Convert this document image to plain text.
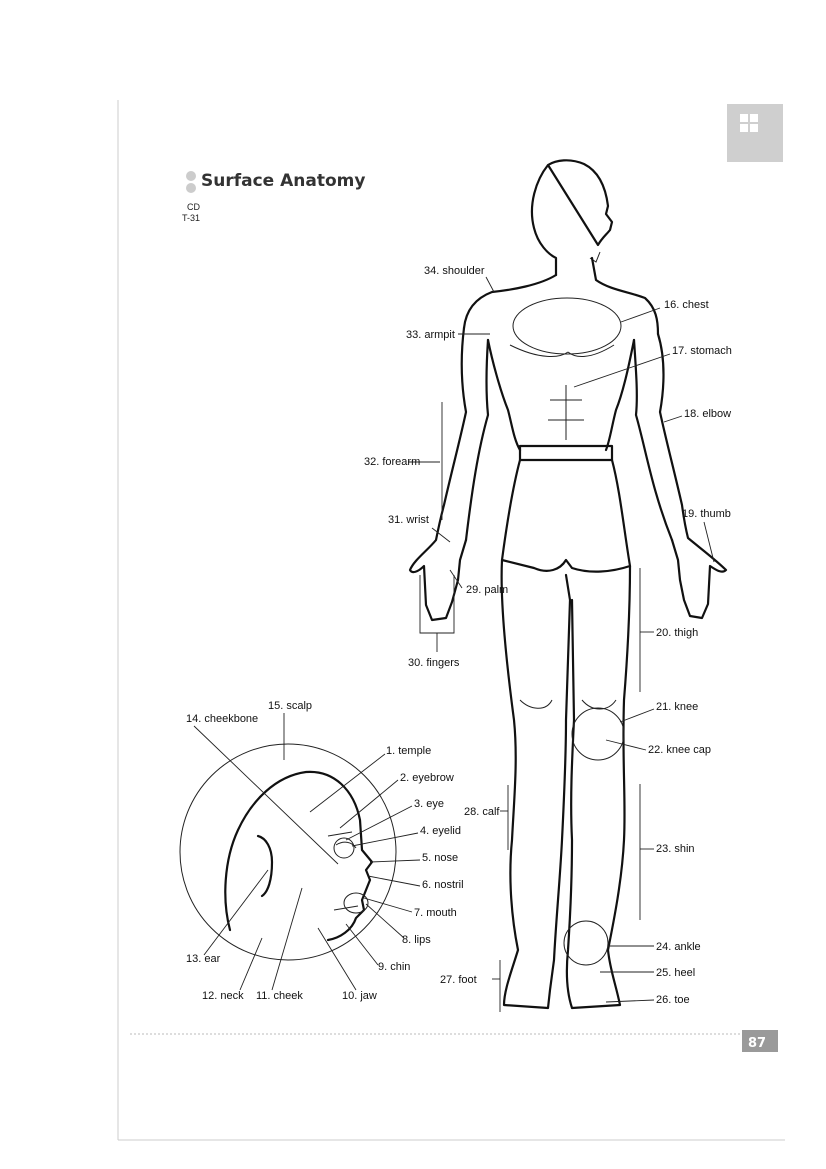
Surface Anatomy
CD
T-31
1. temple
2. eyebrow
3. eye
4. eyelid
5. nose
6. nostril
7. mouth
8. lips
9. chin
10. jaw
11. cheek
12. neck
13. ear
14. cheekbone
15. scalp
16. chest
17. stomach
18. elbow
19. thumb
20. thigh
21. knee
22. knee cap
23. shin
24. ankle
25. heel
26. toe
27. foot
28. calf
29. palm
30. fingers
31. wrist
32. forearm
33. armpit
34. shoulder
87
